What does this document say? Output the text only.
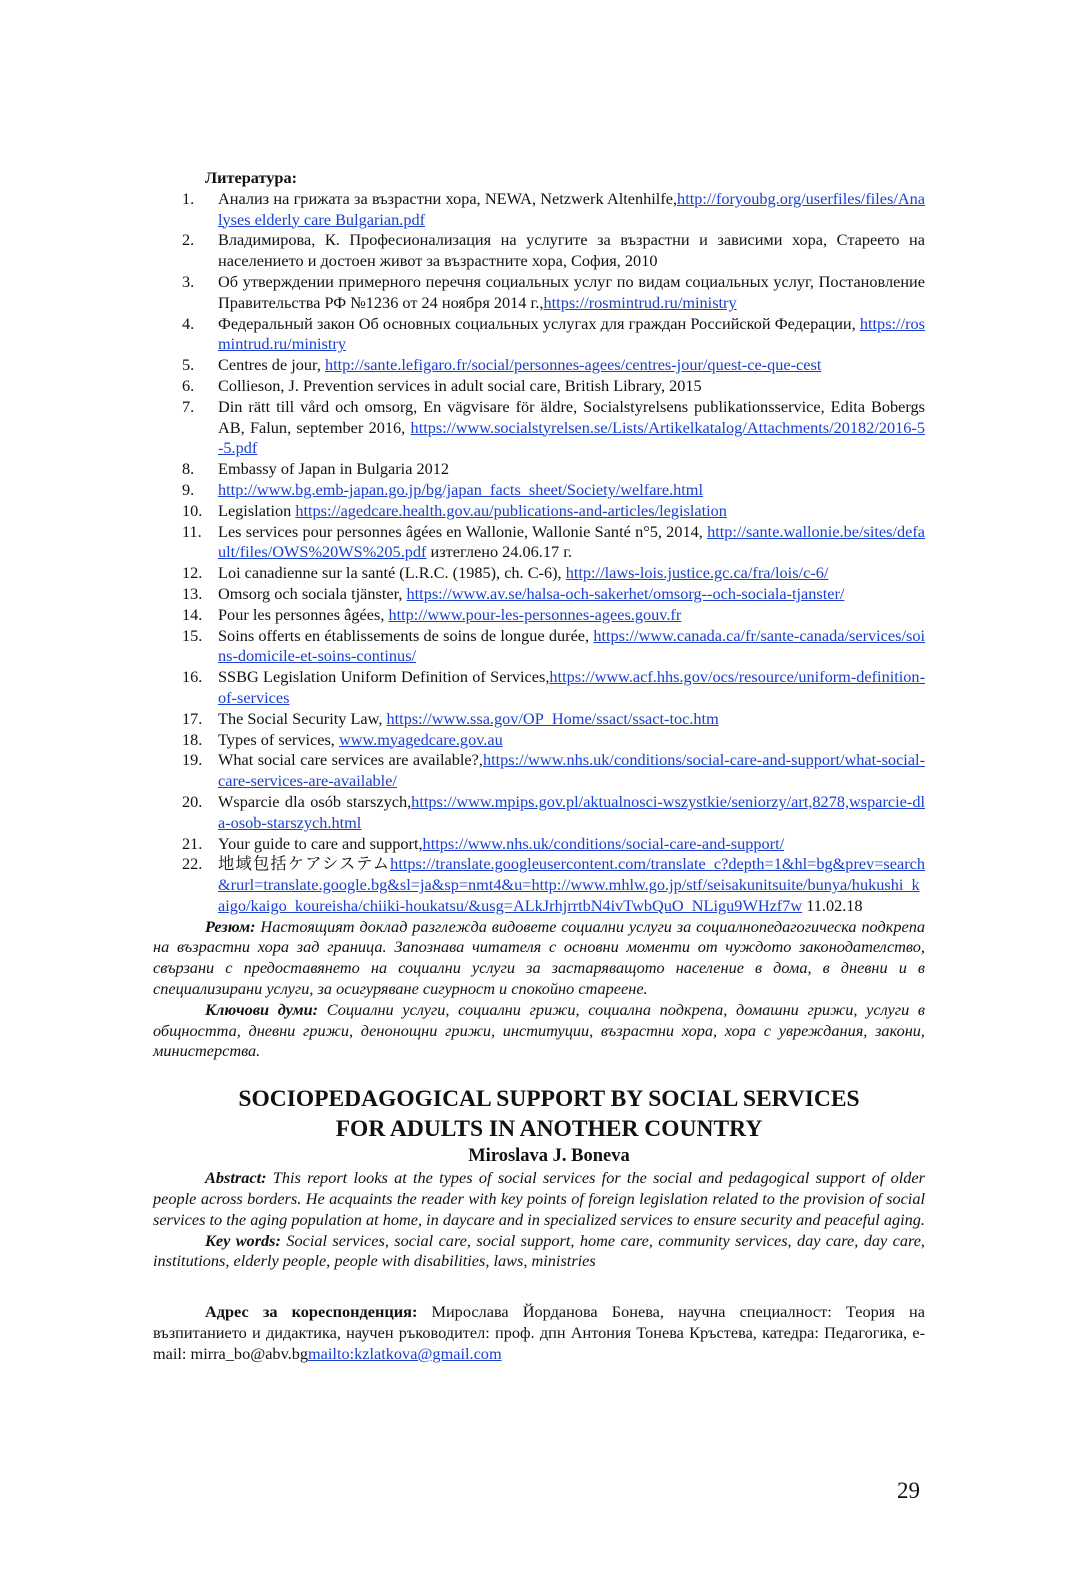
Литература:
1.	Анализ на грижата за възрастни хора, NEWA, Netzwerk Altenhilfe,http://foryoubg.org/userfiles/files/Analyses elderly care Bulgarian.pdf
2.	Владимирова, К. Професионализация на услугите за възрастни и зависими хора, Стареето на населението и достоен живот за възрастните хора, София, 2010
3.	Об утверждении примерного перечня социальных услуг по видам социальных услуг, Постановление Правительства РФ №1236 от 24 ноября 2014 г.,https://rosmintrud.ru/ministry
4.	Федеральный закон Об основных социальных услугах для граждан Российской Федерации, https://rosmintrud.ru/ministry
5.	Centres de jour, http://sante.lefigaro.fr/social/personnes-agees/centres-jour/quest-ce-que-cest
6.	Collieson, J. Prevention services in adult social care, British Library, 2015
7.	Din rätt till vård och omsorg, En vägvisare för äldre, Socialstyrelsens publikationsservice, Edita Bobergs AB, Falun, september 2016, https://www.socialstyrelsen.se/Lists/Artikelkatalog/Attachments/20182/2016-5-5.pdf
8.	Embassy of Japan in Bulgaria 2012
9.	http://www.bg.emb-japan.go.jp/bg/japan_facts_sheet/Society/welfare.html
10. Legislation https://agedcare.health.gov.au/publications-and-articles/legislation
11. Les services pour personnes âgées en Wallonie, Wallonie Santé n°5, 2014, http://sante.wallonie.be/sites/default/files/OWS%20WS%205.pdf изтеглено 24.06.17 г.
12. Loi canadienne sur la santé (L.R.C. (1985), ch. C-6), http://laws-lois.justice.gc.ca/fra/lois/c-6/
13. Omsorg och sociala tjänster, https://www.av.se/halsa-och-sakerhet/omsorg--och-sociala-tjanster/
14. Pour les personnes âgées, http://www.pour-les-personnes-agees.gouv.fr
15. Soins offerts en établissements de soins de longue durée, https://www.canada.ca/fr/sante-canada/services/soins-domicile-et-soins-continus/
16. SSBG Legislation Uniform Definition of Services,https://www.acf.hhs.gov/ocs/resource/uniform-definition-of-services
17. The Social Security Law, https://www.ssa.gov/OP_Home/ssact/ssact-toc.htm
18. Types of services, www.myagedcare.gov.au
19. What social care services are available?,https://www.nhs.uk/conditions/social-care-and-support/what-social-care-services-are-available/
20. Wsparcie dla osób starszych,https://www.mpips.gov.pl/aktualnosci-wszystkie/seniorzy/art,8278,wsparcie-dla-osob-starszych.html
21. Your guide to care and support,https://www.nhs.uk/conditions/social-care-and-support/
22. 地域包括ケアシステムhttps://translate.googleusercontent.com/translate_c?depth=1&hl=bg&prev=search&rurl=translate.google.bg&sl=ja&sp=nmt4&u=http://www.mhlw.go.jp/stf/seisakunitsuite/bunya/hukushi_kaigo/kaigo_koureisha/chiiki-houkatsu/&usg=ALkJrhjrrtbN4ivTwbQuO_NLigu9WHzf7w 11.02.18

Резюм: Настоящият доклад разглежда видовете социални услуги за социалнопедагогическа подкрепа на възрастни хора зад граница. Запознава читателя с основни моменти от чуждото законодателство, свързани с предоставянето на социални услуги за застаряващото население в дома, в дневни и в специализирани услуги, за осигуряване сигурност и спокойно стареене.

Ключови думи: Социални услуги, социални грижи, социална подкрепа, домашни грижи, услуги в общността, дневни грижи, денонощни грижи, институции, възрастни хора, хора с увреждания, закони, министерства.

SOCIOPEDAGOGICAL SUPPORT BY SOCIAL SERVICES
FOR ADULTS IN ANOTHER COUNTRY
Miroslava J. Boneva

Abstract: This report looks at the types of social services for the social and pedagogical support of older people across borders. He acquaints the reader with key points of foreign legislation related to the provision of social services to the aging population at home, in daycare and in specialized services to ensure security and peaceful aging.

Key words: Social services, social care, social support, home care, community services, day care, day care, institutions, elderly people, people with disabilities, laws, ministries

Адрес за кореспонденция: Мирослава Йорданова Бонева, научна специалност: Теория на възпитанието и дидактика, научен ръководител: проф. дпн Антония Тонева Кръстева, катедра: Педагогика, e-mail: mirra_bo@abv.bgmailto:kzlatkova@gmail.com

29
